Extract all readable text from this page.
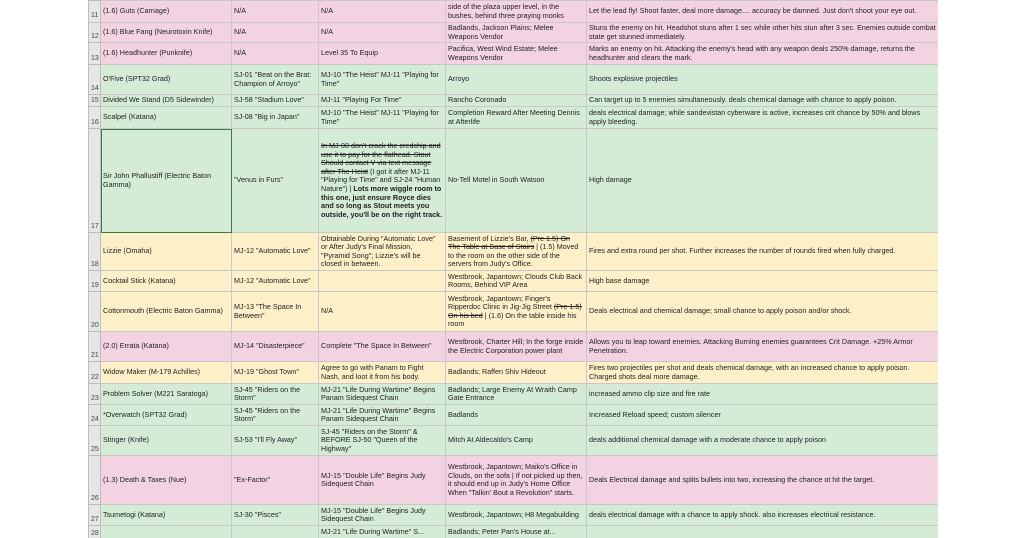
11	(1.6) Guts (Carnage)	N/A	N/A	side of the plaza upper level, in the bushes, behind three praying monks	Let the lead fly! Shoot faster, deal more damage.... accuracy be damned. Just don't shoot your eye out.
12	(1.6) Blue Fang (Neurotoxin Knife)	N/A	N/A	Badlands, Jackson Plains; Melee Weapons Vendor	Stuns the enemy on hit. Headshot stuns after 1 sec while other hits stun after 3 sec. Enemies outside combat state get stunned immediately.
13	(1.6) Headhunter (Punknife)	N/A	Level 35 To Equip	Pacifica, West Wind Estate; Melee Weapons Vendor	Marks an enemy on hit. Attacking the enemy's head with any weapon deals 250% damage, returns the headhunter and clears the mark.
14	O'Five (SPT32 Grad)	SJ-01 "Beat on the Brat: Champion of Arroyo"	MJ-10 "The Heist" MJ-11 "Playing for Time"	Arroyo	Shoots explosive projectiles
15	Divided We Stand (D5 Sidewinder)	SJ-58 "Stadium Love"	MJ-11 "Playing For Time"	Rancho Coronado	Can target up to 5 enemies simultaneously. deals chemical damage with chance to apply poison.
16	Scalpel (Katana)	SJ-08 "Big in Japan"	MJ-10 "The Heist" MJ-11 "Playing for Time"	Completion Reward After Meeting Dennis at Afterlife	deals electrical damage; while sandevistan cyberware is active, increases crit chance by 50% and blows apply bleeding.
17	Sir John Phallustiff (Electric Baton Gamma)	"Venus in Furs"	In MJ-08 don't crack the credchip and use it to pay for the flathead. Stout Should contact V via text message after The Heist (I got it after MJ-11 "Playing for Time" and SJ-24 "Human Nature") | Lots more wiggle room to this one, just ensure Royce dies and so long as Stout meets you outside, you'll be on the right track.	No-Tell Motel in South Watson	High damage
18	Lizzie (Omaha)	MJ-12 "Automatic Love"	Obtainable During "Automatic Love" or After Judy's Final Mission, "Pyramid Song"; Lizzie's will be closed in between.	Basement of Lizzie's Bar, (Pre 1.5) On The Table at Base of Stairs | (1.5) Moved to the room on the other side of the servers from Judy's Office.	Fires and extra round per shot. Further increases the number of rounds fired when fully charged.
19	Cocktail Stick (Katana)	MJ-12 "Automatic Love"		Westbrook, Japantown; Clouds Club Back Rooms, Behind VIP Area	High base damage
20	Cottonmouth (Electric Baton Gamma)	MJ-13 "The Space In Between"	N/A	Westbrook, Japantown; Finger's Ripperdoc Clinic in Jig-Jig Street (Pre 1.5) On his bed | (1.6) On the table inside his room	Deals electrical and chemical damage; small chance to apply poison and/or shock.
21	(2.0) Errata (Katana)	MJ-14 "Disasterpiece"	Complete "The Space In Between"	Westbrook, Charter Hill; In the forge inside the Electric Corporation power plant	Allows you to leap toward enemies. Attacking Burning enemies guarantees Crit Damage. +25% Armor Penetration.
22	Widow Maker (M-179 Achilles)	MJ-19 "Ghost Town"	Agree to go with Panam to Fight Nash, and loot it from his body.	Badlands; Raffen Shiv Hideout	Fires two projectiles per shot and deals chemical damage, with an increased chance to apply poison. Charged shots deal more damage.
23	Problem Solver (M221 Saratoga)	SJ-45 "Riders on the Storm"	MJ-21 "Life During Wartime" Begins Panam Sidequest Chain	Badlands; Large Enemy At Wraith Camp Gate Entrance	increased ammo clip size and fire rate
24	*Overwatch (SPT32 Grad)	SJ-45 "Riders on the Storm"	MJ-21 "Life During Wartime" Begins Panam Sidequest Chain	Badlands	Increased Reload speed; custom silencer
25	Stinger (Knife)	SJ-53 "I'll Fly Away"	SJ-45 "Riders on the Storm" & BEFORE SJ-50 "Queen of the Highway"	Mitch At Aldecaldo's Camp	deals additional chemical damage with a moderate chance to apply poison
26	(1.3) Death & Taxes (Nue)	"Ex-Factor"	MJ-15 "Double Life" Begins Judy Sidequest Chain	Westbrook, Japantown; Maiko's Office in Clouds, on the sofa | If not picked up then, it should end up in Judy's Home Office When "Talkin' Bout a Revolution" starts.	Deals Electrical damage and splits bullets into two, increasing the chance ot hit the target.
27	Tsumetogi (Katana)	SJ-30 "Pisces"	MJ-15 "Double Life" Begins Judy Sidequest Chain	Westbrook, Japantown; H8 Megabuilding	deals electrical damage with a chance to apply shock. also increases electrical resistance.
28			MJ-21 "Life During Wartime" S...	Badlands; Peter Pan's House at...	
